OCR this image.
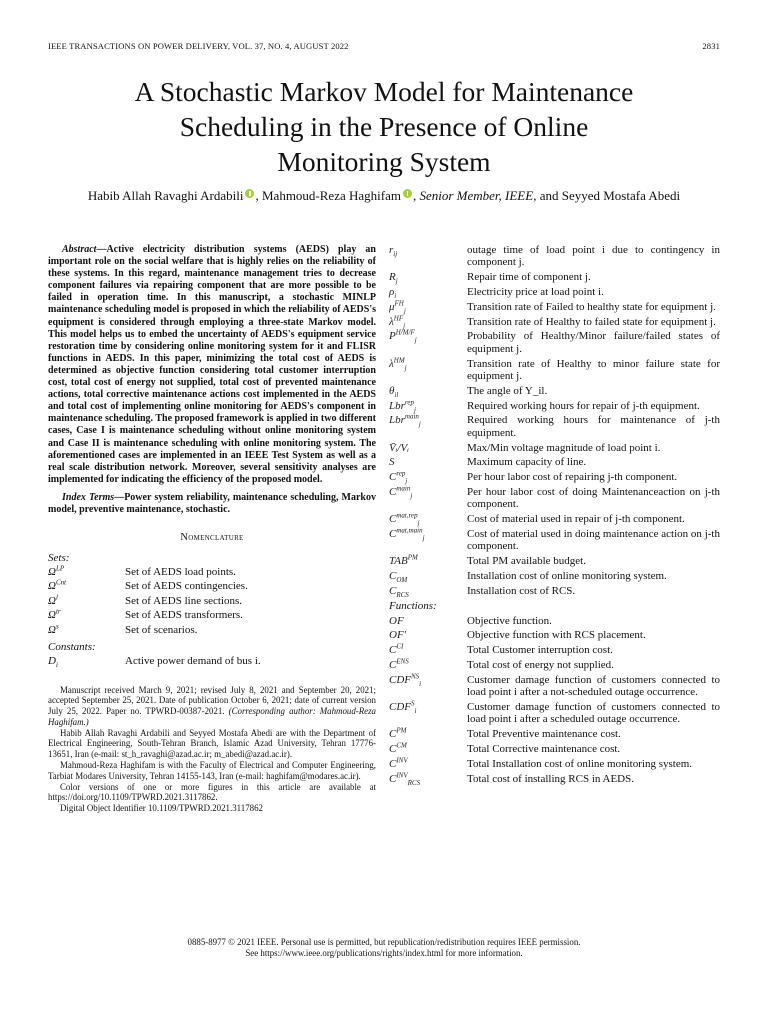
IEEE TRANSACTIONS ON POWER DELIVERY, VOL. 37, NO. 4, AUGUST 2022	2831
A Stochastic Markov Model for Maintenance
Scheduling in the Presence of Online
Monitoring System
Habib Allah Ravaghi Ardabili , Mahmoud-Reza Haghifam , Senior Member, IEEE, and Seyyed Mostafa Abedi
Abstract—Active electricity distribution systems (AEDS) play an important role on the social welfare that is highly relies on the reliability of these systems. In this regard, maintenance management tries to decrease component failures via repairing component that are more possible to be failed in operation time. In this manuscript, a stochastic MINLP maintenance scheduling model is proposed in which the reliability of AEDS's equipment is considered through employing a three-state Markov model. This model helps us to embed the uncertainty of AEDS's equipment service restoration time by considering online monitoring system for it and FLISR functions in AEDS. In this paper, minimizing the total cost of AEDS is determined as objective function considering total customer interruption cost, total cost of energy not supplied, total cost of prevented maintenance actions, total corrective maintenance actions cost implemented in the AEDS and total cost of implementing online monitoring for AEDS's component in maintenance scheduling. The proposed framework is applied in two different cases, Case I is maintenance scheduling without online monitoring system and Case II is maintenance scheduling with online monitoring system. The aforementioned cases are implemented in an IEEE Test System as well as a real scale distribution network. Moreover, several sensitivity analyses are implemented for indicating the efficiency of the proposed model.
Index Terms—Power system reliability, maintenance scheduling, Markov model, preventive maintenance, stochastic.
Nomenclature
Sets:
$\Omega^{LP}$	Set of AEDS load points.
$\Omega^{Cnt}$	Set of AEDS contingencies.
$\Omega^l$	Set of AEDS line sections.
$\Omega^{tr}$	Set of AEDS transformers.
$\Omega^s$	Set of scenarios.
Constants:
$D_i$	Active power demand of bus i.

Manuscript received March 9, 2021; revised July 8, 2021 and September 20, 2021; accepted September 25, 2021. Date of publication October 6, 2021; date of current version July 25, 2022. Paper no. TPWRD-00387-2021. (Corresponding author: Mahmoud-Reza Haghifam.)

Habib Allah Ravaghi Ardabili and Seyyed Mostafa Abedi are with the Department of Electrical Engineering, South-Tehran Branch, Islamic Azad University, Tehran 17776-13651, Iran (e-mail: st_h_ravaghi@azad.ac.ir; m_abedi@azad.ac.ir).

Mahmoud-Reza Haghifam is with the Faculty of Electrical and Computer Engineering, Tarbiat Modares University, Tehran 14155-143, Iran (e-mail: haghifam@modares.ac.ir).

Color versions of one or more figures in this article are available at https://doi.org/10.1109/TPWRD.2021.3117862.

Digital Object Identifier 10.1109/TPWRD.2021.3117862

$r_{ij}$	outage time of load point i due to contingency in component j.
$R_j$	Repair time of component j.
$\rho_i$	Electricity price at load point i.
$\mu^{FH}_j$	Transition rate of Failed to healthy state for equipment j.
$\lambda^{HF}_j$	Transition rate of Healthy to failed state for equipment j.
$P^{H/M/F}_j$	Probability of Healthy/Minor failure/failed states of equipment j.
$\lambda^{HM}_j$	Transition rate of Healthy to minor failure state for equipment j.
$\theta_{il}$	The angle of Y_il.
Lbr$^{rep}_j$	Required working hours for repair of j-th equipment.
Lbr$^{main}_j$	Required working hours for maintenance of j-th equipment.
V̄ᵢ/Vᵢ	Max/Min voltage magnitude of load point i.
S	Maximum capacity of line.
$C^{rep}_j$	Per hour labor cost of repairing j-th component.
$C^{main}_j$	Per hour labor cost of doing Maintenanceaction on j-th component.
$C^{mat,rep}_j$	Cost of material used in repair of j-th component.
$C^{mat,main}_j$	Cost of material used in doing maintenance action on j-th component.
$TAB^{PM}$	Total PM available budget.
$C_{OM}$	Installation cost of online monitoring system.
$C_{RCS}$	Installation cost of RCS.
Functions:
OF	Objective function.
OF′	Objective function with RCS placement.
$C^{CI}$	Total Customer interruption cost.
$C^{ENS}$	Total cost of energy not supplied.
$CDF^{NS}_i$	Customer damage function of customers connected to load point i after a not-scheduled outage occurrence.
$CDF^S_i$	Customer damage function of customers connected to load point i after a scheduled outage occurrence.
$C^{PM}$	Total Preventive maintenance cost.
$C^{CM}$	Total Corrective maintenance cost.
$C^{INV}$	Total Installation cost of online monitoring system.
$C^{INV}_{RCS}$	Total cost of installing RCS in AEDS.
0885-8977 © 2021 IEEE. Personal use is permitted, but republication/redistribution requires IEEE permission.
See https://www.ieee.org/publications/rights/index.html for more information.
